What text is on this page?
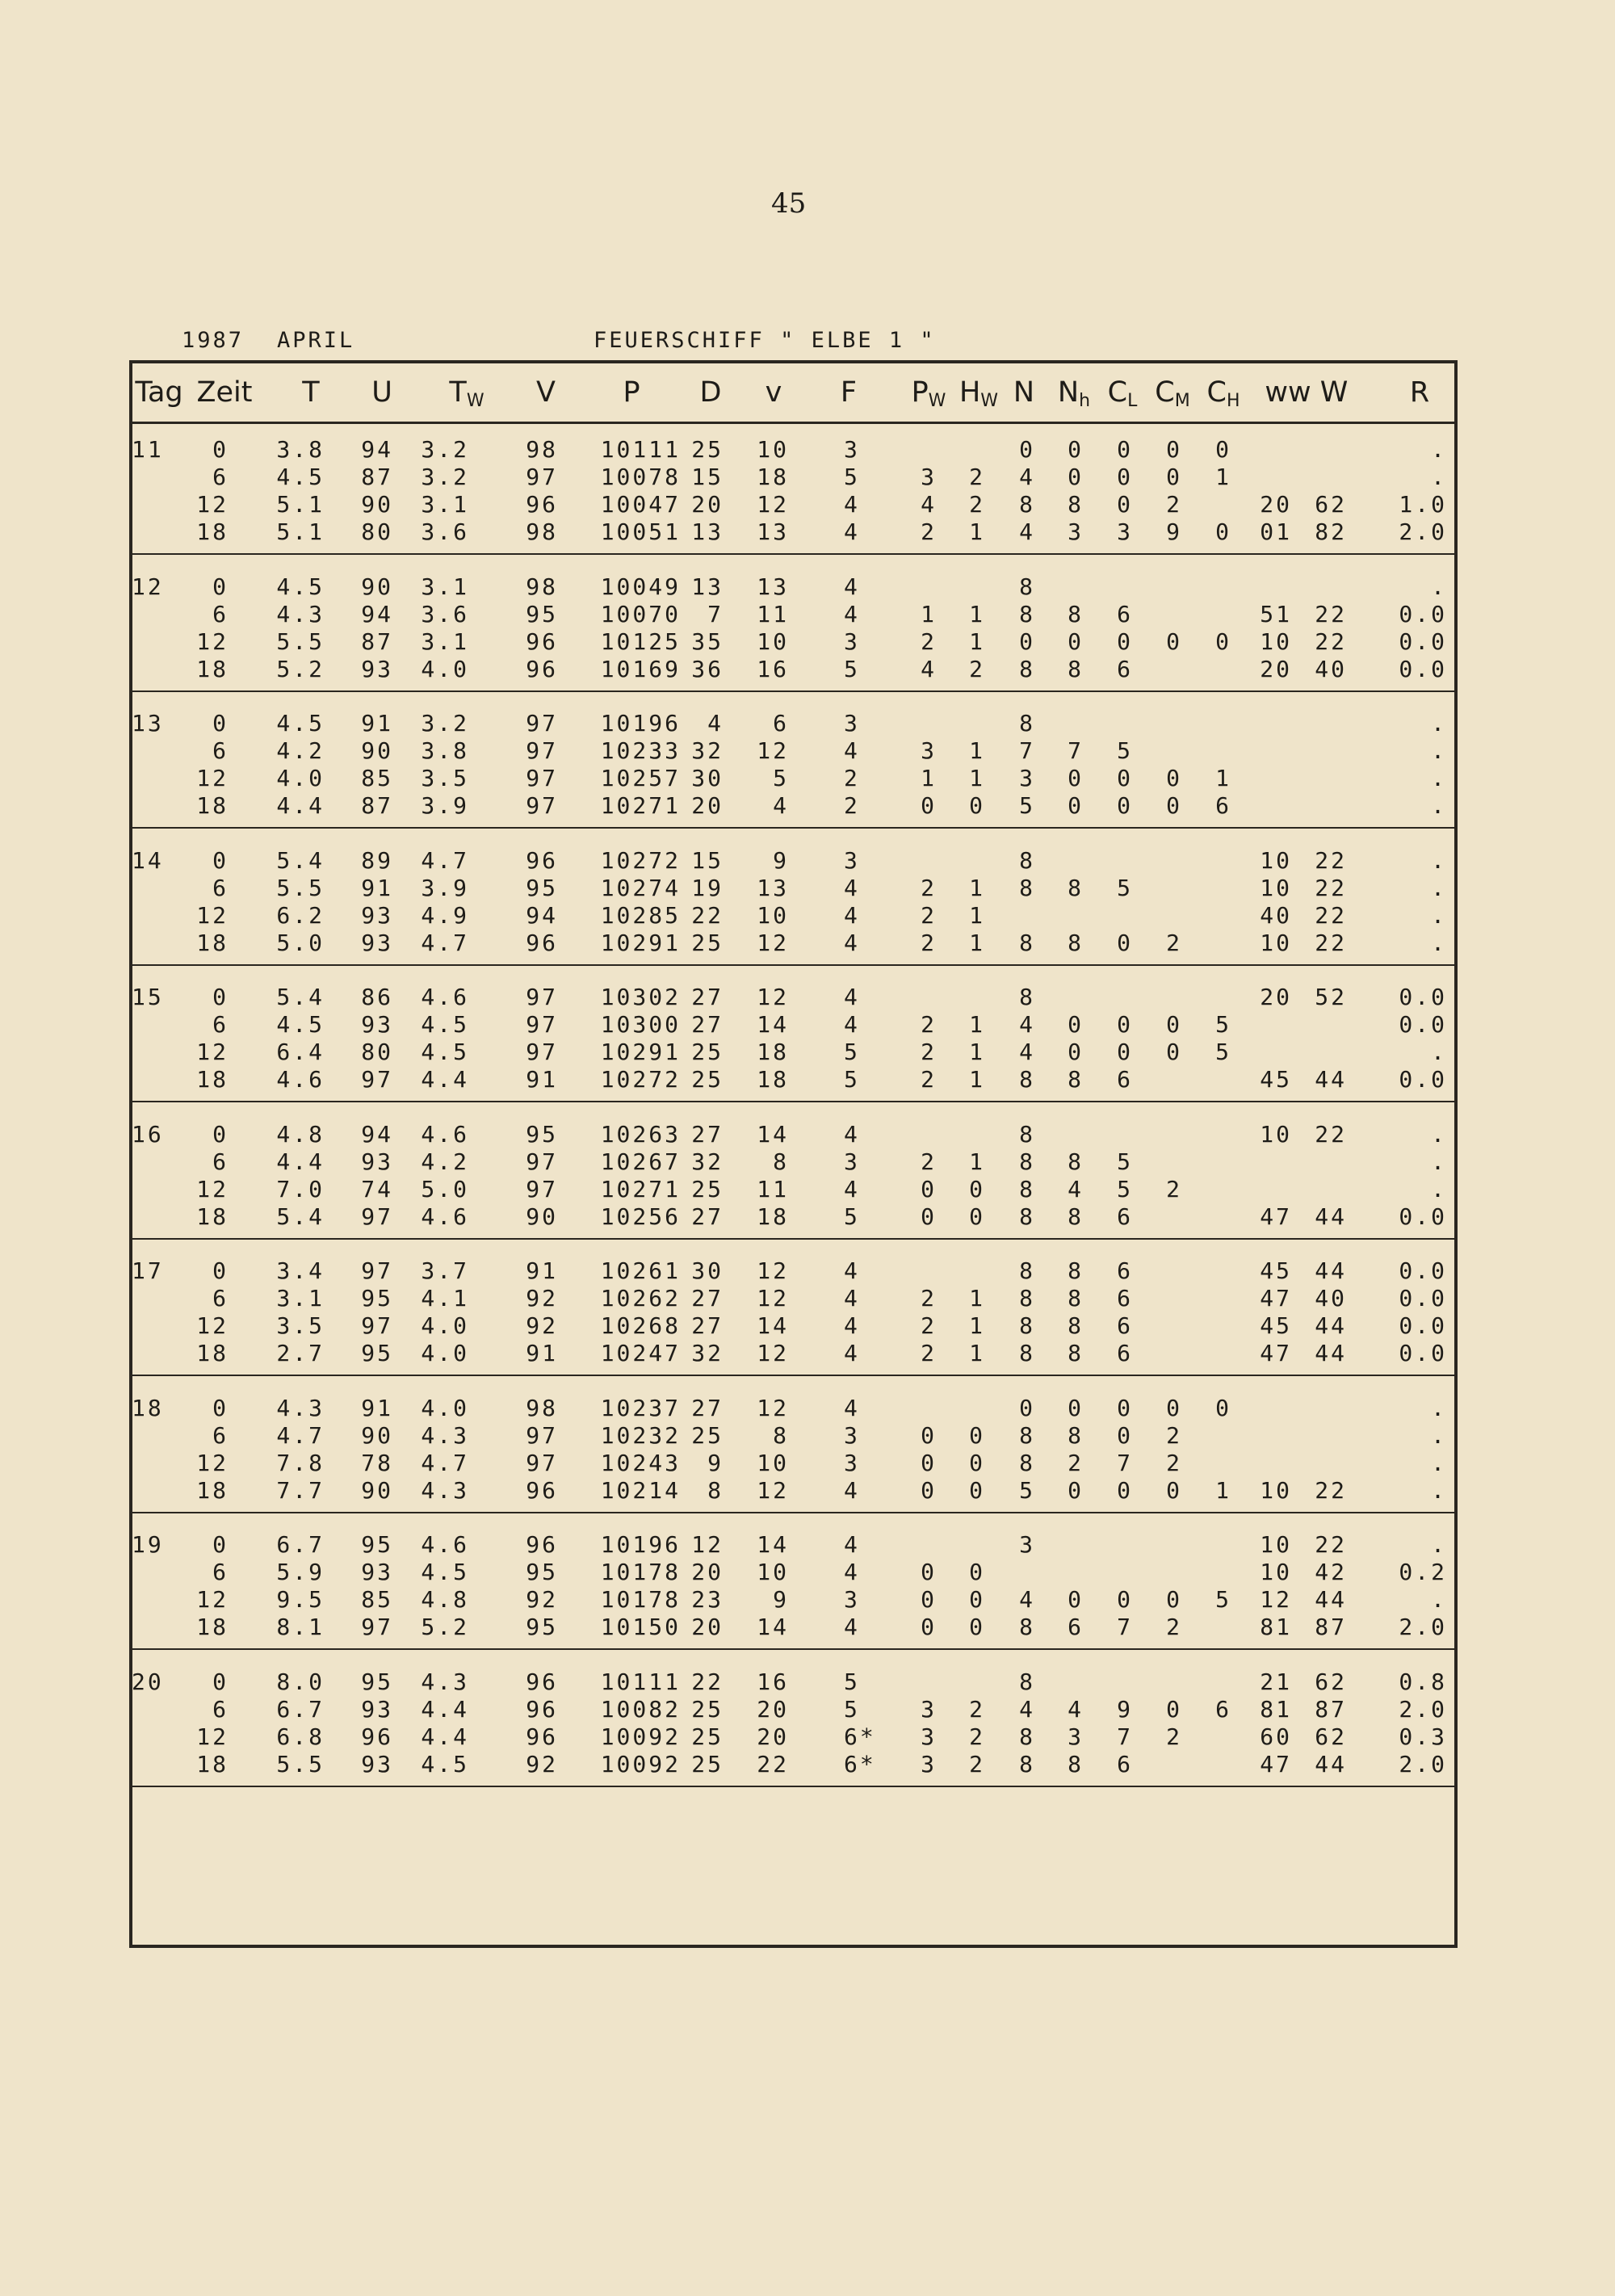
45
1987 APRIL	FEUERSCHIFF " ELBE 1 "
Tag Zeit T U $T_W$ V P D v F $P_W$ $H_W$ N $N_h$ $C_L$ $C_M$ $C_H$ ww W R
11 0 3.8 94 3.2	98 10111 25 10 3	0 0 0 0 0	.
6 4.5 87 3.2	97 10078 15 18 5	3 2 4 0 0 0 1	.
12 5.1 90 3.1	96 10047 20 12 4	4 2 8 8 0 2	20 62 1.0
18 5.1 80 3.6	98 10051 13 13 4	2 1 4 3 3 9 0 01 82 2.0
12 0 4.5 90 3.1	98 10049 13 13 4	8	.
6 4.3 94 3.6	95 10070 7 11 4	1 1 8 8 6	51 22 0.0
12 5.5 87 3.1	96 10125 35 10 3	2 1 0 0 0 0 0 10 22 0.0
18 5.2 93 4.0	96 10169 36 16 5	4 2 8 8 6	20 40 0.0
13 0 4.5 91 3.2	97 10196 4 6 3	8	.
6 4.2 90 3.8	97 10233 32 12 4	3 1 7 7 5	.
12 4.0 85 3.5	97 10257 30 5 2	1 1 3 0 0 0 1	.
18 4.4 87 3.9	97 10271 20 4 2	0 0 5 0 0 0 6	.
14 0 5.4 89 4.7	96 10272 15 9 3	8	10 22	.
6 5.5 91 3.9	95 10274 19 13 4	2 1 8 8 5	10 22	.
12 6.2 93 4.9	94 10285 22 10 4	2 1	40 22	.
18 5.0 93 4.7	96 10291 25 12 4	2 1 8 8 0 2	10 22	.
15 0 5.4 86 4.6	97 10302 27 12 4	8	20 52 0.0
6 4.5 93 4.5	97 10300 27 14 4	2 1 4 0 0 0 5	0.0
12 6.4 80 4.5	97 10291 25 18 5	2 1 4 0 0 0 5	.
18 4.6 97 4.4	91 10272 25 18 5	2 1 8 8 6	45 44 0.0
16 0 4.8 94 4.6	95 10263 27 14 4	8	10 22	.
6 4.4 93 4.2	97 10267 32 8 3	2 1 8 8 5	.
12 7.0 74 5.0	97 10271 25 11 4	0 0 8 4 5 2	.
18 5.4 97 4.6	90 10256 27 18 5	0 0 8 8 6	47 44 0.0
17 0 3.4 97 3.7	91 10261 30 12 4	8 8 6	45 44 0.0
6 3.1 95 4.1	92 10262 27 12 4	2 1 8 8 6	47 40 0.0
12 3.5 97 4.0	92 10268 27 14 4	2 1 8 8 6	45 44 0.0
18 2.7 95 4.0	91 10247 32 12 4	2 1 8 8 6	47 44 0.0
18 0 4.3 91 4.0	98 10237 27 12 4	0 0 0 0 0	.
6 4.7 90 4.3	97 10232 25 8 3	0 0 8 8 0 2	.
12 7.8 78 4.7	97 10243 9 10 3	0 0 8 2 7 2	.
18 7.7 90 4.3	96 10214 8 12 4	0 0 5 0 0 0 1 10 22	.
19 0 6.7 95 4.6	96 10196 12 14 4	3	10 22	.
6 5.9 93 4.5	95 10178 20 10 4	0 0	10 42 0.2
12 9.5 85 4.8	92 10178 23 9 3	0 0 4 0 0 0 5 12 44	.
18 8.1 97 5.2	95 10150 20 14 4	0 0 8 6 7 2	81 87 2.0
20 0 8.0 95 4.3	96 10111 22 16 5	8	21 62 0.8
6 6.7 93 4.4	96 10082 25 20 5	3 2 4 4 9 0 6 81 87 2.0
12 6.8 96 4.4	96 10092 25 20 6* 3 2 8 3 7 2	60 62 0.3
18 5.5 93 4.5	92 10092 25 22 6* 3 2 8 8 6	47 44 2.0
